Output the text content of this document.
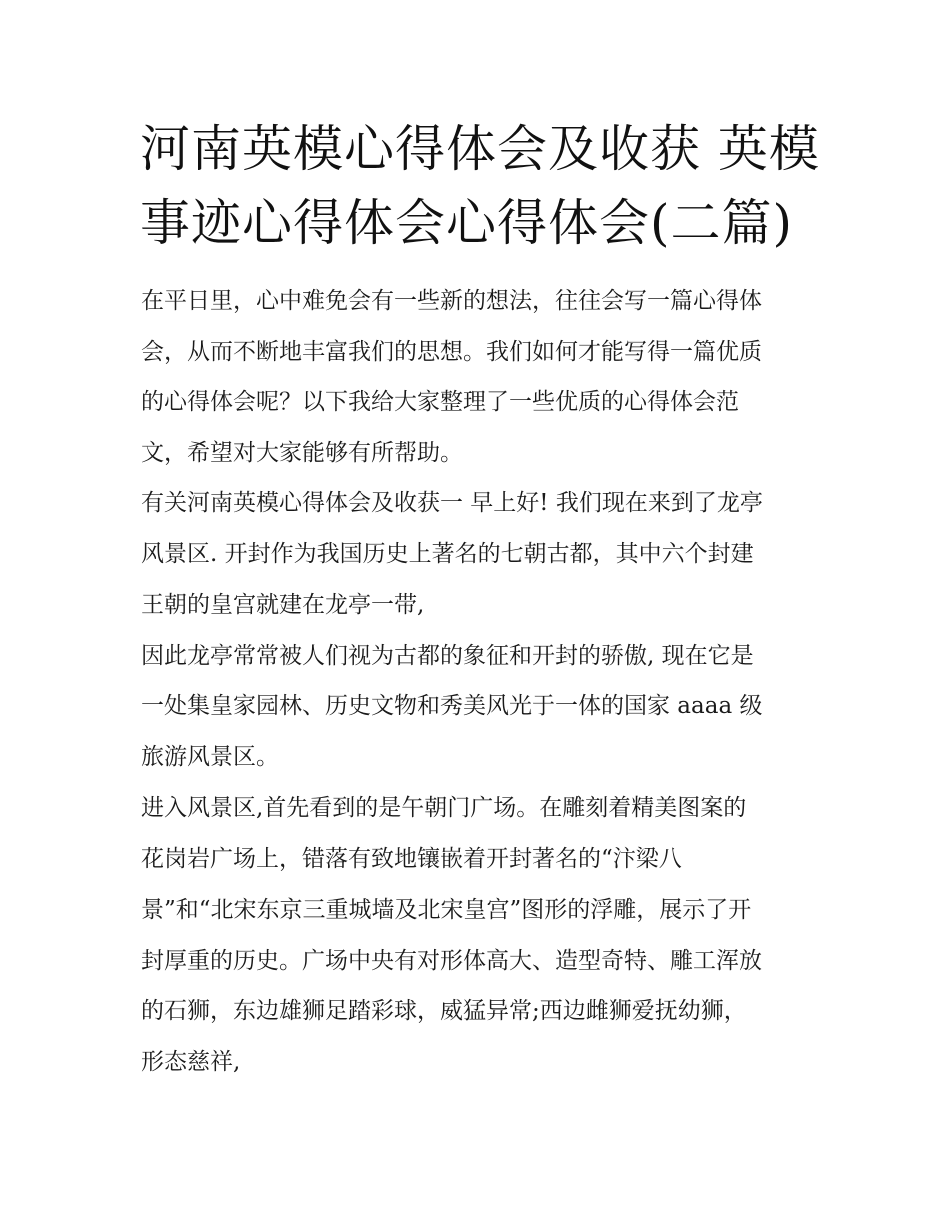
河南英模心得体会及收获 英模
事迹心得体会心得体会(二篇)
在平日里，心中难免会有一些新的想法，往往会写一篇心得体
会，从而不断地丰富我们的思想。我们如何才能写得一篇优质
的心得体会呢？以下我给大家整理了一些优质的心得体会范
文，希望对大家能够有所帮助。
有关河南英模心得体会及收获一 早上好! 我们现在来到了龙亭
风景区. 开封作为我国历史上著名的七朝古都，其中六个封建
王朝的皇宫就建在龙亭一带,
因此龙亭常常被人们视为古都的象征和开封的骄傲, 现在它是
一处集皇家园林、历史文物和秀美风光于一体的国家 aaaa 级
旅游风景区。
进入风景区,首先看到的是午朝门广场。在雕刻着精美图案的
花岗岩广场上，错落有致地镶嵌着开封著名的“汴梁八
景”和“北宋东京三重城墙及北宋皇宫”图形的浮雕，展示了开
封厚重的历史。广场中央有对形体高大、造型奇特、雕工浑放
的石狮，东边雄狮足踏彩球，威猛异常;西边雌狮爱抚幼狮，
形态慈祥,
